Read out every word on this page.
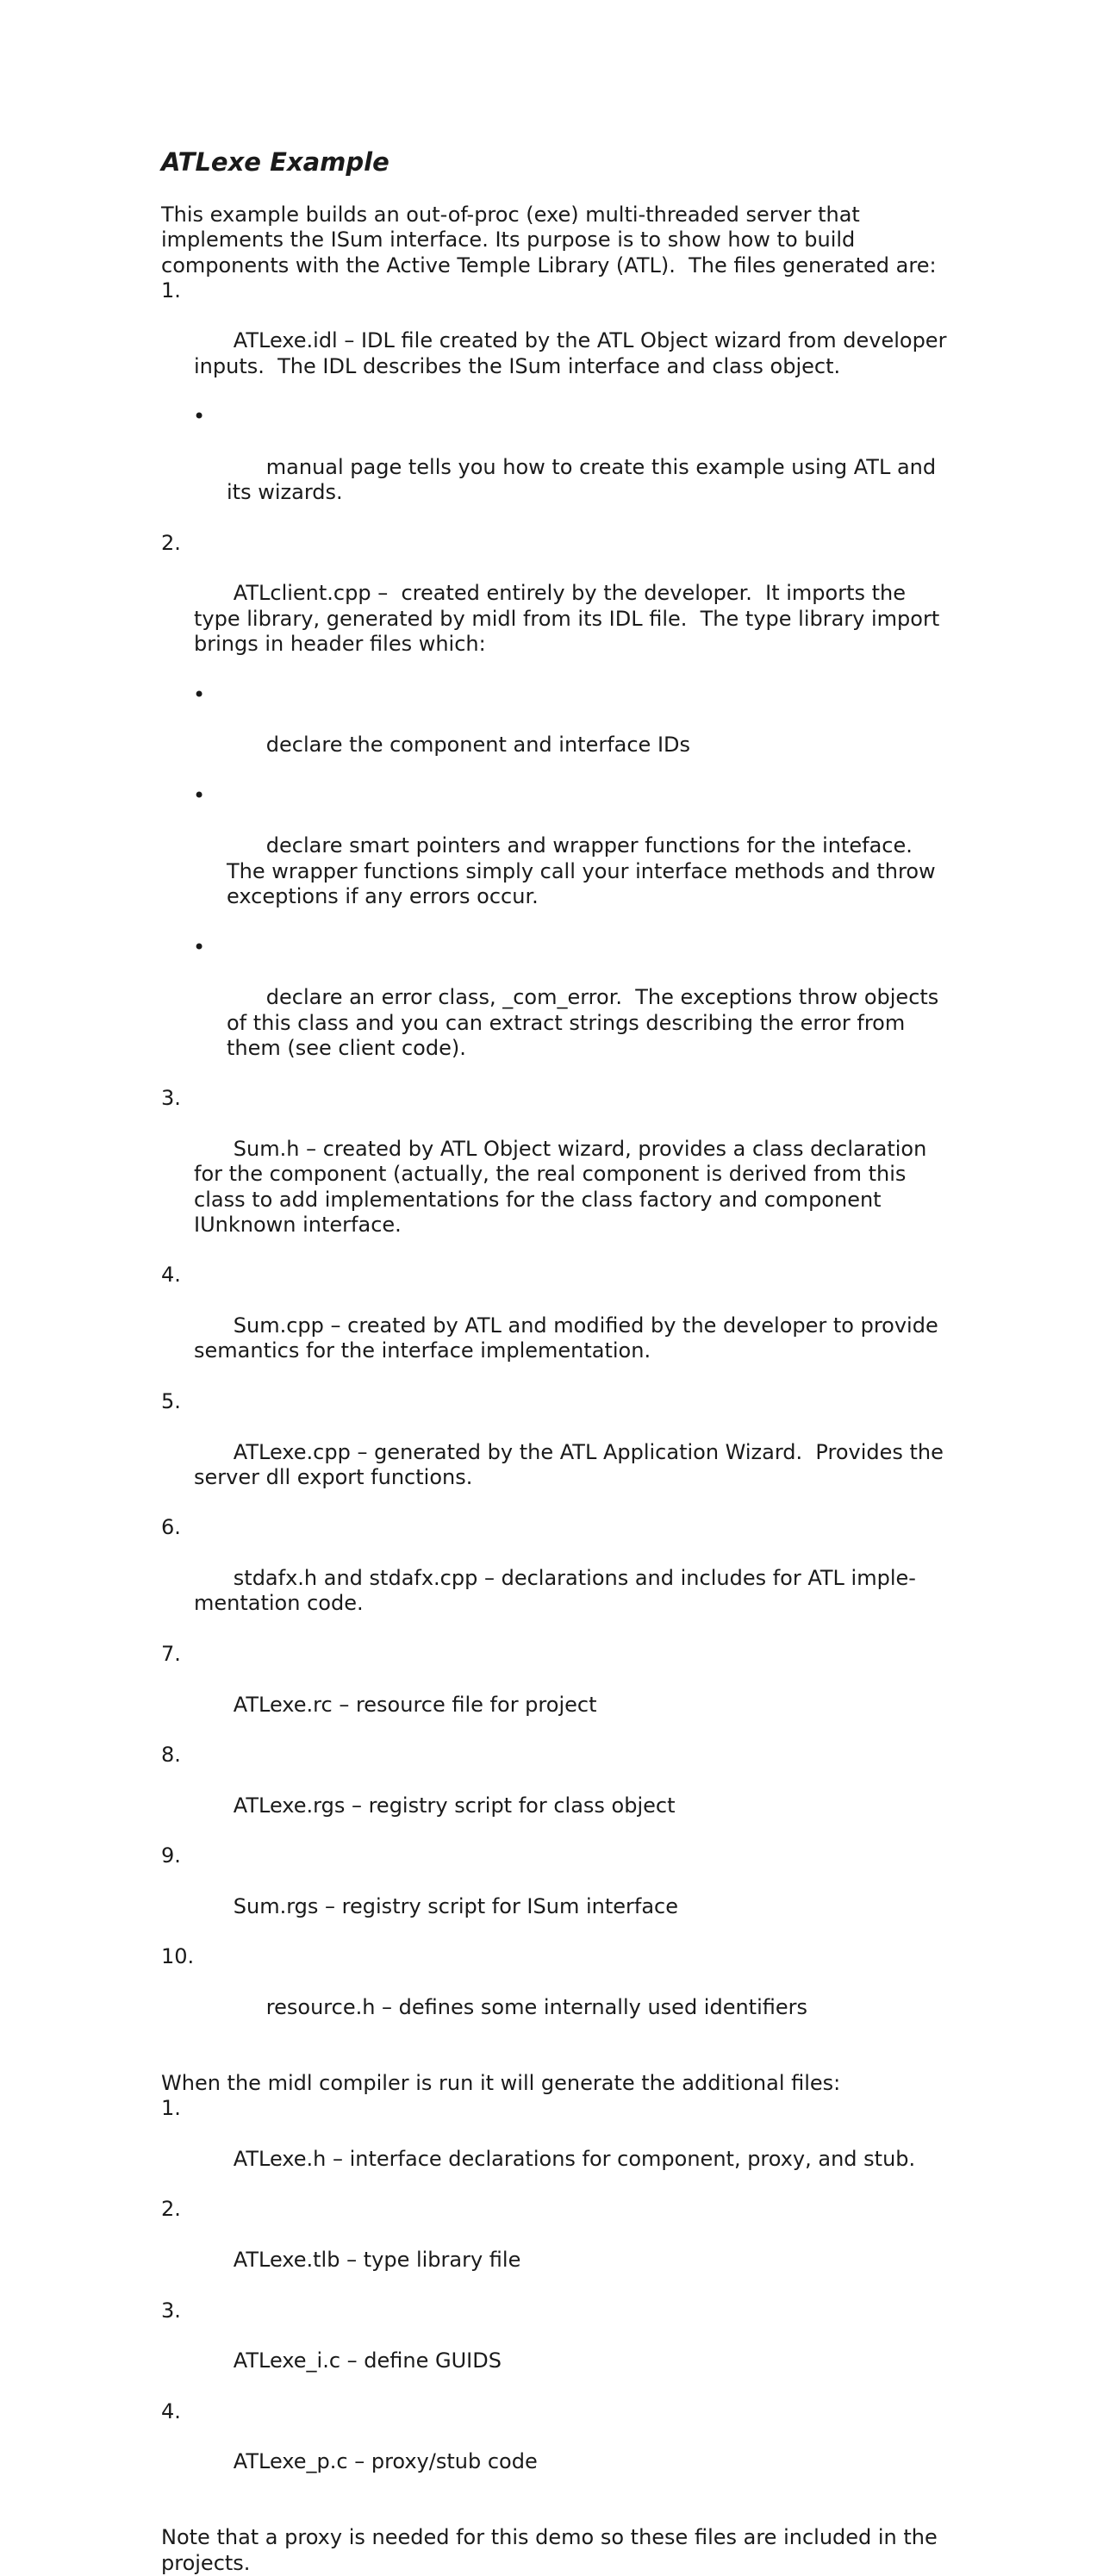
ATLexe Example

This example builds an out-of-proc (exe) multi-threaded server that implements the ISum interface. Its purpose is to show how to build components with the Active Temple Library (ATL).  The files generated are:

1.

ATLexe.idl – IDL file created by the ATL Object wizard from developer inputs.  The IDL describes the ISum interface and class object.

•

manual page tells you how to create this example using ATL and its wizards.

2.

ATLclient.cpp –  created entirely by the developer.  It imports the type library, generated by midl from its IDL file.  The type library import brings in header files which:

•

declare the component and interface IDs

•

declare smart pointers and wrapper functions for the inteface.  The wrapper functions simply call your interface methods and throw exceptions if any errors occur.

•

declare an error class, _com_error.  The exceptions throw objects of this class and you can extract strings describing the error from them (see client code).

3.

Sum.h – created by ATL Object wizard, provides a class declaration for the component (actually, the real component is derived from this class to add implementations for the class factory and component IUnknown interface.

4.

Sum.cpp – created by ATL and modified by the developer to provide semantics for the interface implementation.

5.

ATLexe.cpp – generated by the ATL Application Wizard.  Provides the server dll export functions.

6.

stdafx.h and stdafx.cpp – declarations and includes for ATL imple-mentation code.

7.

ATLexe.rc – resource file for project

8.

ATLexe.rgs – registry script for class object

9.

Sum.rgs – registry script for ISum interface

10.

resource.h – defines some internally used identifiers

When the midl compiler is run it will generate the additional files:

1.

ATLexe.h – interface declarations for component, proxy, and stub.

2.

ATLexe.tlb – type library file

3.

ATLexe_i.c – define GUIDS

4.

ATLexe_p.c – proxy/stub code

Note that a proxy is needed for this demo so these files are included in the projects.
